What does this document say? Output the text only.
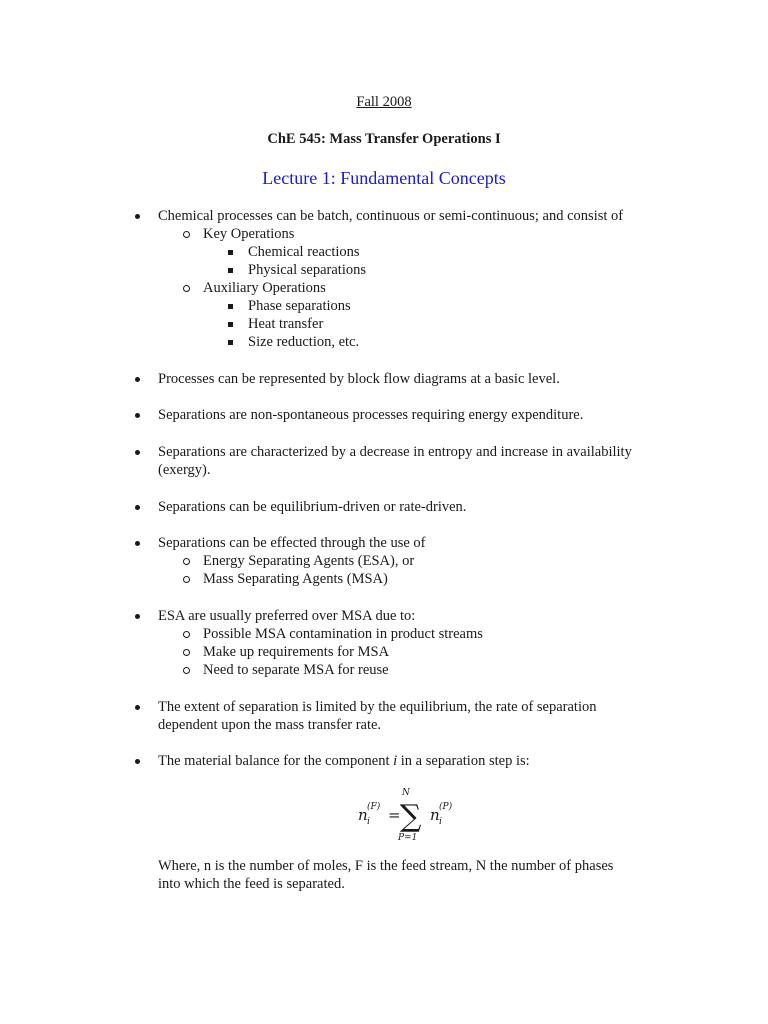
Fall 2008
ChE 545: Mass Transfer Operations I
Lecture 1: Fundamental Concepts
Chemical processes can be batch, continuous or semi-continuous; and consist of
Key Operations
Chemical reactions
Physical separations
Auxiliary Operations
Phase separations
Heat transfer
Size reduction, etc.
Processes can be represented by block flow diagrams at a basic level.
Separations are non-spontaneous processes requiring energy expenditure.
Separations are characterized by a decrease in entropy and increase in availability
(exergy).
Separations can be equilibrium-driven or rate-driven.
Separations can be effected through the use of
Energy Separating Agents (ESA), or
Mass Separating Agents (MSA)
ESA are usually preferred over MSA due to:
Possible MSA contamination in product streams
Make up requirements for MSA
Need to separate MSA for reuse
The extent of separation is limited by the equilibrium, the rate of separation
dependent upon the mass transfer rate.
The material balance for the component i in a separation step is:
n (F)
i =
N
∑
P=1
n (P)
i
Where, n is the number of moles, F is the feed stream, N the number of phases
into which the feed is separated.
